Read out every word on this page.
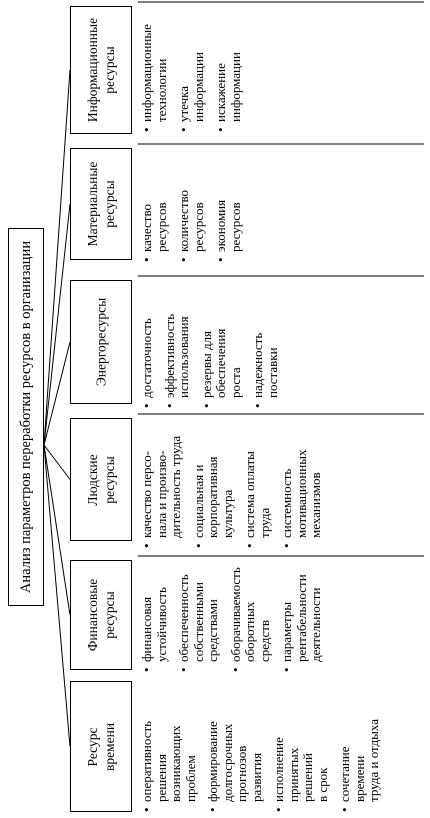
Анализ параметров переработки ресурсов в организации
Ресурс времени • оперативность решения возникающих проблем • формирование долгосрочных прогнозов развития • исполнение принятых решений в срок • сочетание времени труда и отдыха
Финансовые ресурсы • финансовая устойчивость • обеспеченность собственными средствами • оборачиваемость оборотных средств • параметры рентабельности деятельности
Людские ресурсы • качество персо- нала и произво- дительность труда • социальная и корпоративная культура • система оплаты труда • системность мотивационных механизмов
Энергоресурсы • достаточность • эффективность использования • резервы для обеспечения роста • надежность поставки
Материальные ресурсы • качество ресурсов • количество ресурсов • экономия ресурсов
Информационные ресурсы • информационные технологии • утечка информации • искажение информации
